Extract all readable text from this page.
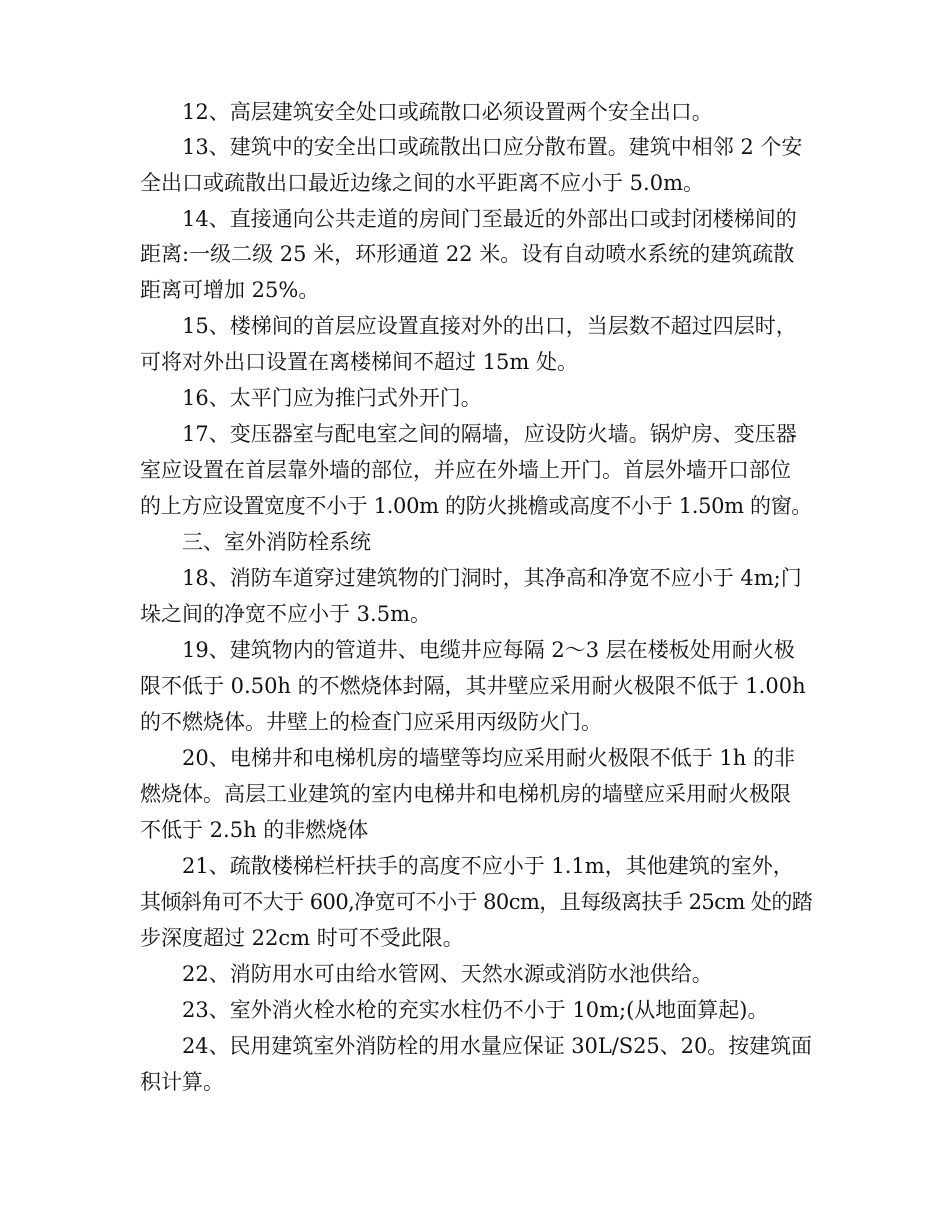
12、高层建筑安全处口或疏散口必须设置两个安全出口。
13、建筑中的安全出口或疏散出口应分散布置。建筑中相邻 2 个安
全出口或疏散出口最近边缘之间的水平距离不应小于 5.0m。
14、直接通向公共走道的房间门至最近的外部出口或封闭楼梯间的
距离:一级二级 25 米，环形通道 22 米。设有自动喷水系统的建筑疏散
距离可增加 25%。
15、楼梯间的首层应设置直接对外的出口，当层数不超过四层时，
可将对外出口设置在离楼梯间不超过 15m 处。
16、太平门应为推闩式外开门。
17、变压器室与配电室之间的隔墙，应设防火墙。锅炉房、变压器
室应设置在首层靠外墙的部位，并应在外墙上开门。首层外墙开口部位
的上方应设置宽度不小于 1.00m 的防火挑檐或高度不小于 1.50m 的窗。
三、室外消防栓系统
18、消防车道穿过建筑物的门洞时，其净高和净宽不应小于 4m;门
垛之间的净宽不应小于 3.5m。
19、建筑物内的管道井、电缆井应每隔 2～3 层在楼板处用耐火极
限不低于 0.50h 的不燃烧体封隔，其井壁应采用耐火极限不低于 1.00h
的不燃烧体。井壁上的检查门应采用丙级防火门。
20、电梯井和电梯机房的墙壁等均应采用耐火极限不低于 1h 的非
燃烧体。高层工业建筑的室内电梯井和电梯机房的墙壁应采用耐火极限
不低于 2.5h 的非燃烧体
21、疏散楼梯栏杆扶手的高度不应小于 1.1m，其他建筑的室外，
其倾斜角可不大于 600,净宽可不小于 80cm，且每级离扶手 25cm 处的踏
步深度超过 22cm 时可不受此限。
22、消防用水可由给水管网、天然水源或消防水池供给。
23、室外消火栓水枪的充实水柱仍不小于 10m;(从地面算起)。
24、民用建筑室外消防栓的用水量应保证 30L/S25、20。按建筑面
积计算。
